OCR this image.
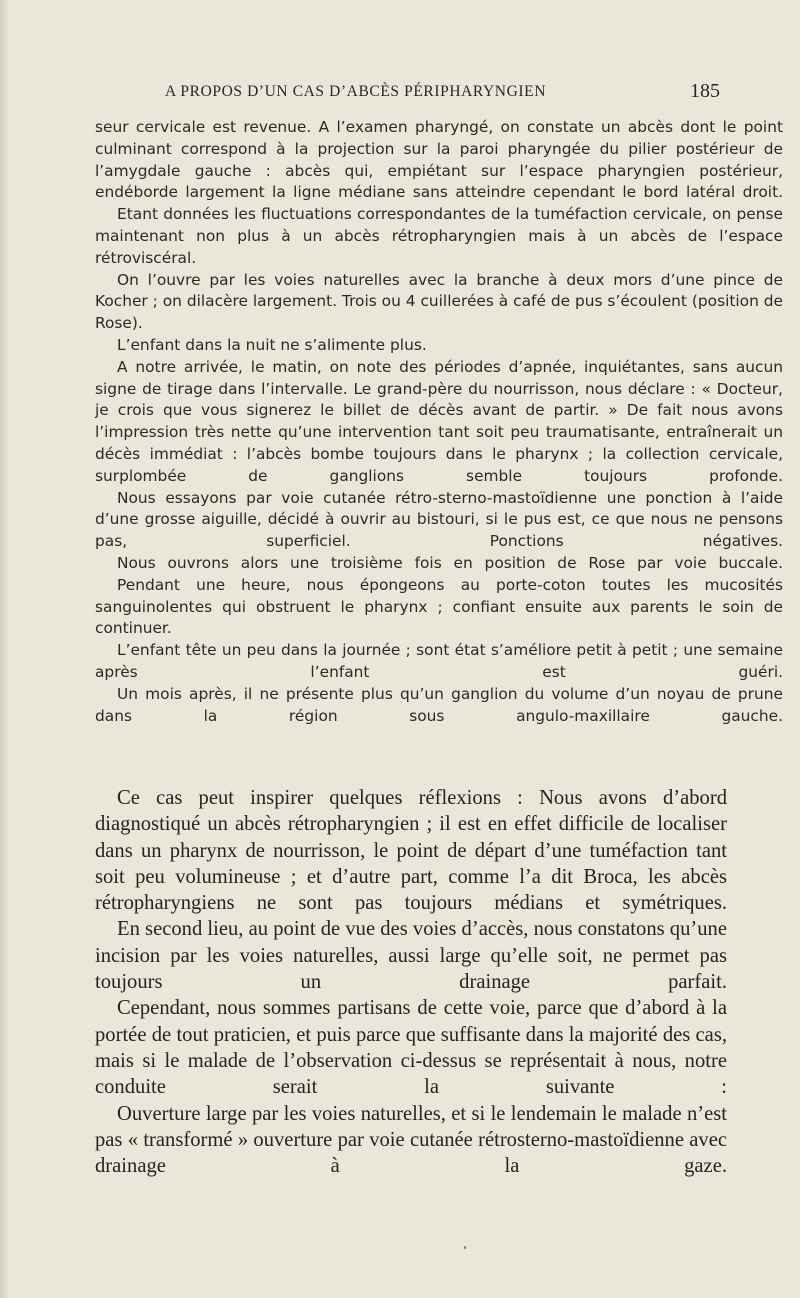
A PROPOS D’UN CAS D’ABCÈS PÉRIPHARYNGIEN	185

seur cervicale est revenue. A l’examen pharyngé, on constate un abcès dont le point culminant correspond à la projection sur la paroi pharyngée du pilier postérieur de l’amygdale gauche : abcès qui, empiétant sur l’espace pharyngien postérieur, endéborde largement la ligne médiane sans atteindre cependant le bord latéral droit.

Etant données les fluctuations correspondantes de la tuméfaction cervicale, on pense maintenant non plus à un abcès rétropharyngien mais à un abcès de l’espace rétroviscéral.

On l’ouvre par les voies naturelles avec la branche à deux mors d’une pince de Kocher ; on dilacère largement. Trois ou 4 cuillerées à café de pus s’écoulent (position de Rose).

L’enfant dans la nuit ne s’alimente plus.

A notre arrivée, le matin, on note des périodes d’apnée, inquiétantes, sans aucun signe de tirage dans l’intervalle. Le grand-père du nourrisson, nous déclare : « Docteur, je crois que vous signerez le billet de décès avant de partir. » De fait nous avons l’impression très nette qu’une intervention tant soit peu traumatisante, entraînerait un décès immédiat : l’abcès bombe toujours dans le pharynx ; la collection cervicale, surplombée de ganglions semble toujours profonde.

Nous essayons par voie cutanée rétro-sterno-mastoïdienne une ponction à l’aide d’une grosse aiguille, décidé à ouvrir au bistouri, si le pus est, ce que nous ne pensons pas, superficiel. Ponctions négatives.

Nous ouvrons alors une troisième fois en position de Rose par voie buccale.

Pendant une heure, nous épongeons au porte-coton toutes les mucosités sanguinolentes qui obstruent le pharynx ; confiant ensuite aux parents le soin de continuer.

L’enfant tête un peu dans la journée ; sont état s’améliore petit à petit ; une semaine après l’enfant est guéri.

Un mois après, il ne présente plus qu’un ganglion du volume d’un noyau de prune dans la région sous angulo-maxillaire gauche.

Ce cas peut inspirer quelques réflexions : Nous avons d’abord diagnostiqué un abcès rétropharyngien ; il est en effet difficile de localiser dans un pharynx de nourrisson, le point de départ d’une tuméfaction tant soit peu volumineuse ; et d’autre part, comme l’a dit Broca, les abcès rétropharyngiens ne sont pas toujours médians et symétriques.

En second lieu, au point de vue des voies d’accès, nous constatons qu’une incision par les voies naturelles, aussi large qu’elle soit, ne permet pas toujours un drainage parfait.

Cependant, nous sommes partisans de cette voie, parce que d’abord à la portée de tout praticien, et puis parce que suffisante dans la majorité des cas, mais si le malade de l’observation ci-dessus se représentait à nous, notre conduite serait la suivante :

Ouverture large par les voies naturelles, et si le lendemain le malade n’est pas « transformé » ouverture par voie cutanée rétrosterno-mastoïdienne avec drainage à la gaze.
